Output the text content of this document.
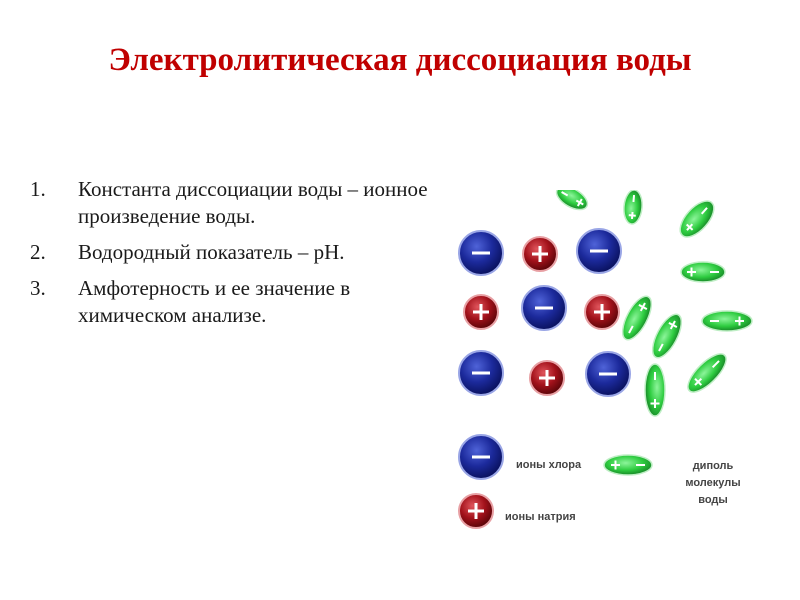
Электролитическая диссоциация воды
1. Константа диссоциации воды – ионное произведение воды.
2. Водородный показатель – pH.
3. Амфотерность и ее значение в химическом анализе.
ионы хлора	диполь
молекулы
воды
ионы натрия
